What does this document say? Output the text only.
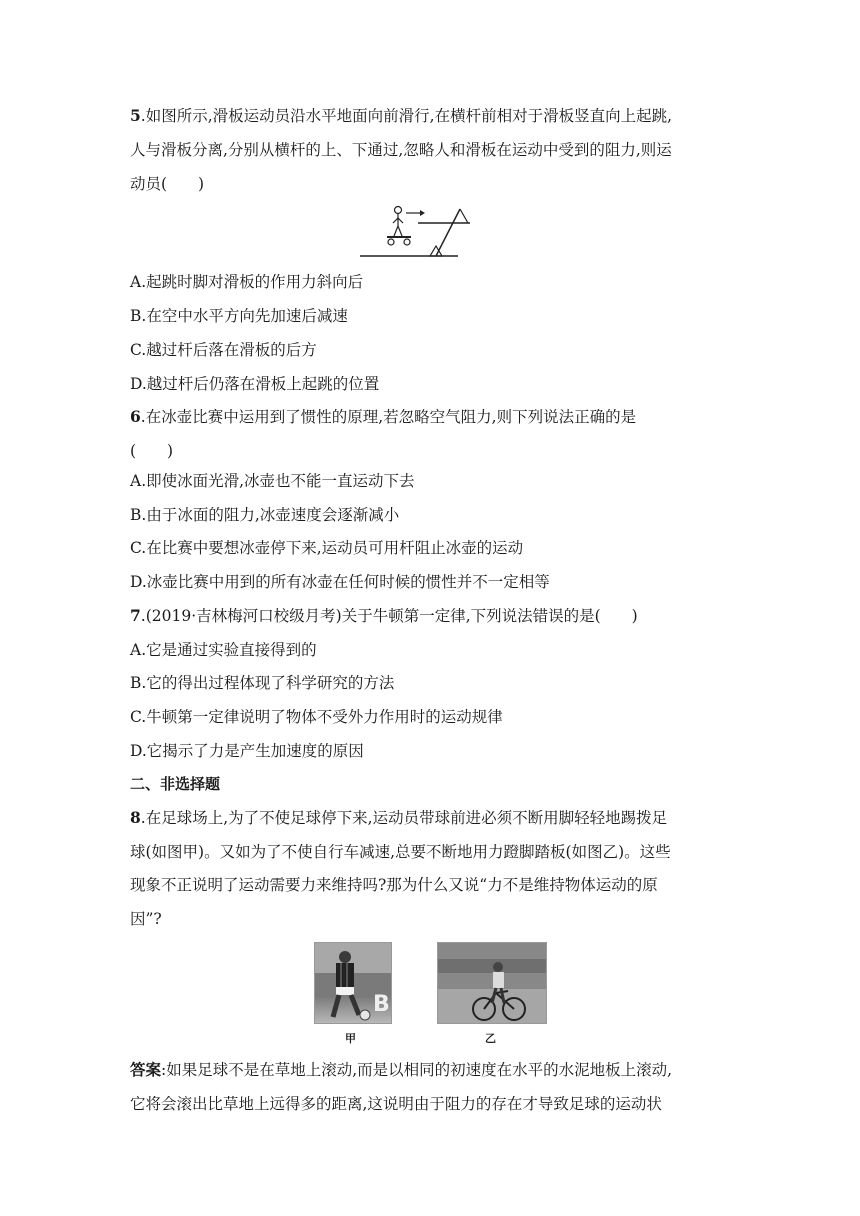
5.如图所示,滑板运动员沿水平地面向前滑行,在横杆前相对于滑板竖直向上起跳,
人与滑板分离,分别从横杆的上、下通过,忽略人和滑板在运动中受到的阻力,则运
动员(　　)
A.起跳时脚对滑板的作用力斜向后
B.在空中水平方向先加速后减速
C.越过杆后落在滑板的后方
D.越过杆后仍落在滑板上起跳的位置
6.在冰壶比赛中运用到了惯性的原理,若忽略空气阻力,则下列说法正确的是
(　　)
A.即使冰面光滑,冰壶也不能一直运动下去
B.由于冰面的阻力,冰壶速度会逐渐减小
C.在比赛中要想冰壶停下来,运动员可用杆阻止冰壶的运动
D.冰壶比赛中用到的所有冰壶在任何时候的惯性并不一定相等
7.(2019·吉林梅河口校级月考)关于牛顿第一定律,下列说法错误的是(　　)
A.它是通过实验直接得到的
B.它的得出过程体现了科学研究的方法
C.牛顿第一定律说明了物体不受外力作用时的运动规律
D.它揭示了力是产生加速度的原因
二、非选择题
8.在足球场上,为了不使足球停下来,运动员带球前进必须不断用脚轻轻地踢拨足
球(如图甲)。又如为了不使自行车减速,总要不断地用力蹬脚踏板(如图乙)。这些
现象不正说明了运动需要力来维持吗?那为什么又说“力不是维持物体运动的原
因”?
B
甲	乙
答案:如果足球不是在草地上滚动,而是以相同的初速度在水平的水泥地板上滚动,
它将会滚出比草地上远得多的距离,这说明由于阻力的存在才导致足球的运动状
